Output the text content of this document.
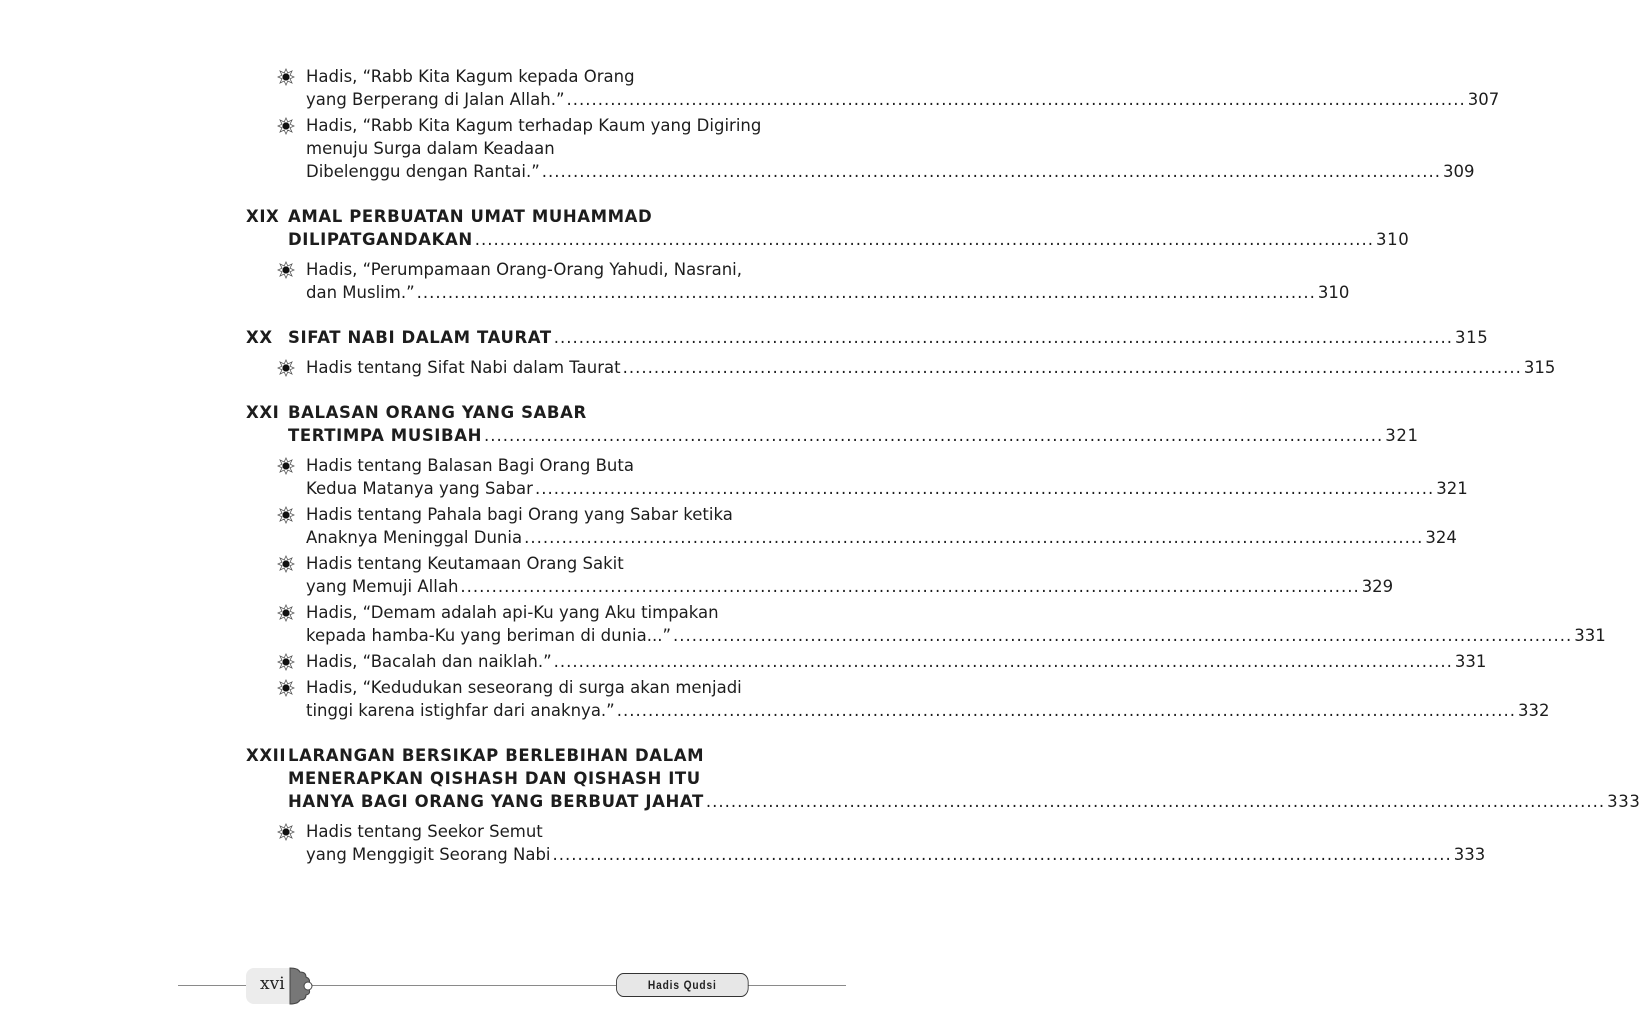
Hadis, “Rabb Kita Kagum kepada Orang
yang Berperang di Jalan Allah.” .....	307
Hadis, “Rabb Kita Kagum terhadap Kaum yang Digiring
menuju Surga dalam Keadaan
Dibelenggu dengan Rantai.” .....	309
XIX AMAL PERBUATAN UMAT MUHAMMAD
DILIPATGANDAKAN .....	310
Hadis, “Perumpamaan Orang-Orang Yahudi, Nasrani,
dan Muslim.” .....	310
XX SIFAT NABI DALAM TAURAT .....	315
Hadis tentang Sifat Nabi dalam Taurat .....	315
XXI BALASAN ORANG YANG SABAR
TERTIMPA MUSIBAH .....	321
Hadis tentang Balasan Bagi Orang Buta
Kedua Matanya yang Sabar .....	321
Hadis tentang Pahala bagi Orang yang Sabar ketika
Anaknya Meninggal Dunia .....	324
Hadis tentang Keutamaan Orang Sakit
yang Memuji Allah .....	329
Hadis, “Demam adalah api-Ku yang Aku timpakan
kepada hamba-Ku yang beriman di dunia...” .....	331
Hadis, “Bacalah dan naiklah.” .....	331
Hadis, “Kedudukan seseorang di surga akan menjadi
tinggi karena istighfar dari anaknya.” .....	332
XXII LARANGAN BERSIKAP BERLEBIHAN DALAM
MENERAPKAN QISHASH DAN QISHASH ITU
HANYA BAGI ORANG YANG BERBUAT JAHAT .....	333
Hadis tentang Seekor Semut
yang Menggigit Seorang Nabi .....	333
xvi	Hadis Qudsi
